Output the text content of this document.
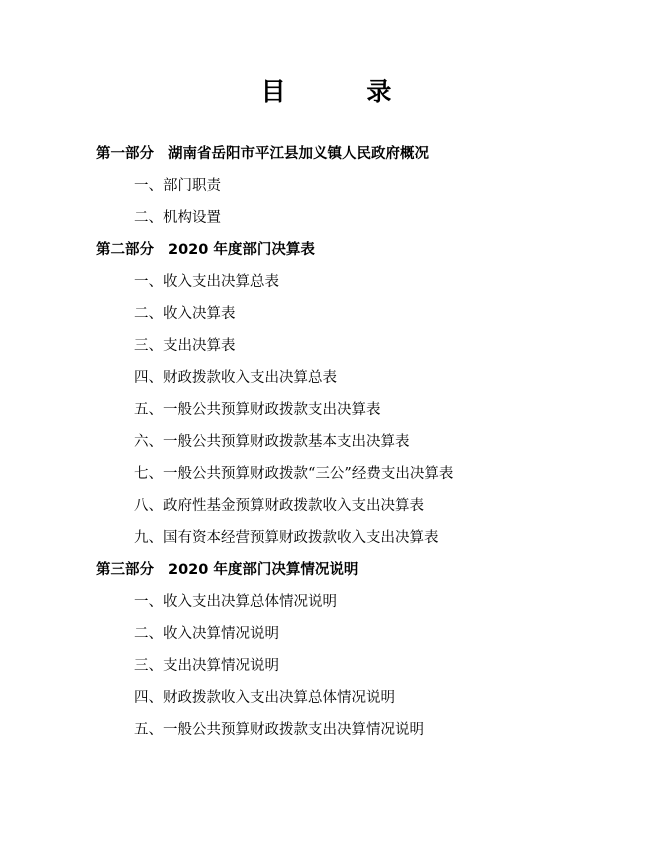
目 录
第一部分 湖南省岳阳市平江县加义镇人民政府概况
一、部门职责
二、机构设置
第二部分 2020 年度部门决算表
一、收入支出决算总表
二、收入决算表
三、支出决算表
四、财政拨款收入支出决算总表
五、一般公共预算财政拨款支出决算表
六、一般公共预算财政拨款基本支出决算表
七、一般公共预算财政拨款“三公”经费支出决算表
八、政府性基金预算财政拨款收入支出决算表
九、国有资本经营预算财政拨款收入支出决算表
第三部分 2020 年度部门决算情况说明
一、收入支出决算总体情况说明
二、收入决算情况说明
三、支出决算情况说明
四、财政拨款收入支出决算总体情况说明
五、一般公共预算财政拨款支出决算情况说明
